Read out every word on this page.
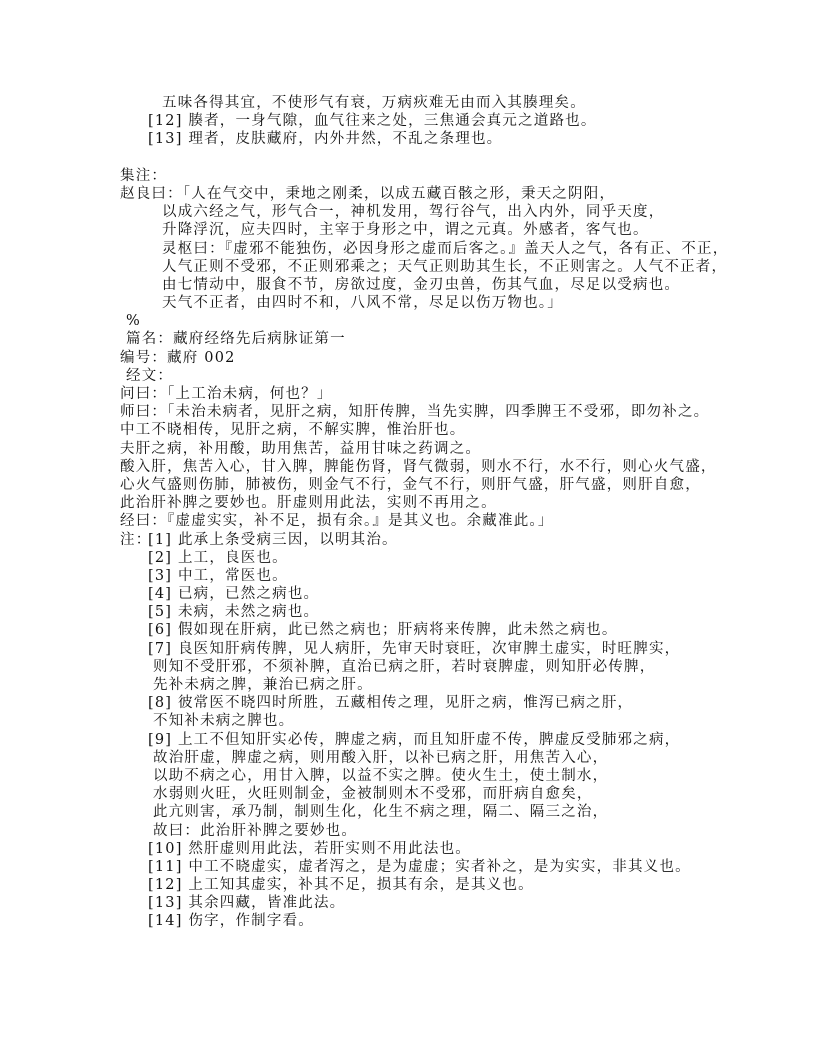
五味各得其宜，不使形气有衰，万病疢难无由而入其腠理矣。
[12] 腠者，一身气隙，血气往来之处，三焦通会真元之道路也。
[13] 理者，皮肤藏府，内外井然，不乱之条理也。
集注：
赵良曰：「人在气交中，秉地之刚柔，以成五藏百骸之形，秉天之阴阳，
以成六经之气，形气合一，神机发用，驾行谷气，出入内外，同乎天度，
升降浮沉，应夫四时，主宰于身形之中，谓之元真。外感者，客气也。
灵枢曰：『虚邪不能独伤，必因身形之虚而后客之。』盖天人之气，各有正、不正，
人气正则不受邪，不正则邪乘之；天气正则助其生长，不正则害之。人气不正者，
由七情动中，服食不节，房欲过度，金刃虫兽，伤其气血，尽足以受病也。
天气不正者，由四时不和，八风不常，尽足以伤万物也。」
%
篇名：藏府经络先后病脉证第一
编号：藏府 002
经文：
问曰：「上工治未病，何也？」
师曰：「未治未病者，见肝之病，知肝传脾，当先实脾，四季脾王不受邪，即勿补之。
中工不晓相传，见肝之病，不解实脾，惟治肝也。
夫肝之病，补用酸，助用焦苦，益用甘味之药调之。
酸入肝，焦苦入心，甘入脾，脾能伤肾，肾气微弱，则水不行，水不行，则心火气盛，
心火气盛则伤肺，肺被伤，则金气不行，金气不行，则肝气盛，肝气盛，则肝自愈，
此治肝补脾之要妙也。肝虚则用此法，实则不再用之。
经曰：『虚虚实实，补不足，损有余。』是其义也。余藏准此。」
注：
[1] 此承上条受病三因，以明其治。
[2] 上工，良医也。
[3] 中工，常医也。
[4] 已病，已然之病也。
[5] 未病，未然之病也。
[6] 假如现在肝病，此已然之病也；肝病将来传脾，此未然之病也。
[7] 良医知肝病传脾，见人病肝，先审天时衰旺，次审脾土虚实，时旺脾实，
则知不受肝邪，不须补脾，直治已病之肝，若时衰脾虚，则知肝必传脾，
先补未病之脾，兼治已病之肝。
[8] 彼常医不晓四时所胜，五藏相传之理，见肝之病，惟泻已病之肝，
不知补未病之脾也。
[9] 上工不但知肝实必传，脾虚之病，而且知肝虚不传，脾虚反受肺邪之病，
故治肝虚，脾虚之病，则用酸入肝，以补已病之肝，用焦苦入心，
以助不病之心，用甘入脾，以益不实之脾。使火生土，使土制水，
水弱则火旺，火旺则制金，金被制则木不受邪，而肝病自愈矣，
此亢则害，承乃制，制则生化，化生不病之理，隔二、隔三之治，
故曰：此治肝补脾之要妙也。
[10] 然肝虚则用此法，若肝实则不用此法也。
[11] 中工不晓虚实，虚者泻之，是为虚虚；实者补之，是为实实，非其义也。
[12] 上工知其虚实，补其不足，损其有余，是其义也。
[13] 其余四藏，皆准此法。
[14] 伤字，作制字看。
